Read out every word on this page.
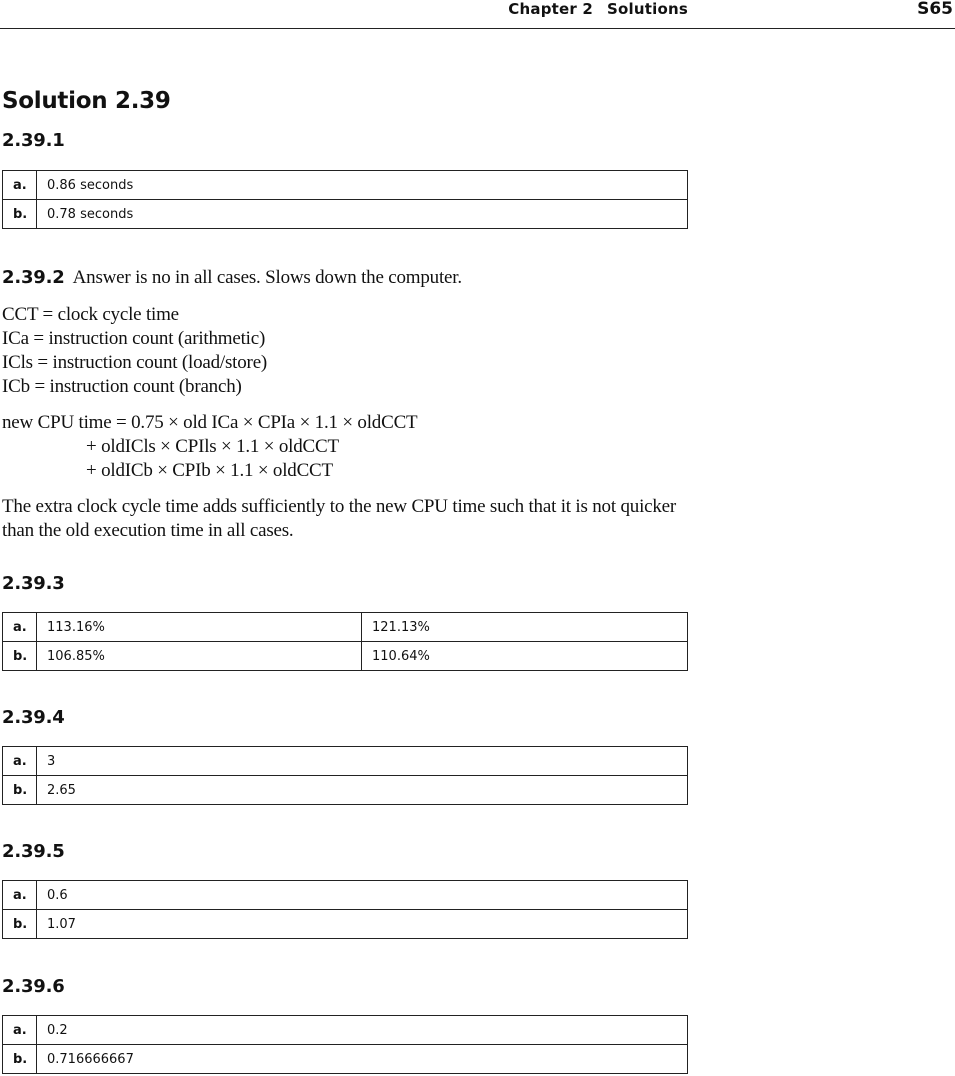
Chapter 2 Solutions	S65
Solution 2.39
2.39.1
a.	0.86 seconds
b.	0.78 seconds
2.39.2 Answer is no in all cases. Slows down the computer.
CCT = clock cycle time
ICa = instruction count (arithmetic)
ICls = instruction count (load/store)
ICb = instruction count (branch)
new CPU time = 0.75 × old ICa × CPIa × 1.1 × oldCCT
+ oldICls × CPIls × 1.1 × oldCCT
+ oldICb × CPIb × 1.1 × oldCCT
The extra clock cycle time adds sufficiently to the new CPU time such that it is not quicker than the old execution time in all cases.
2.39.3
a.	113.16%	121.13%
b.	106.85%	110.64%
2.39.4
a.	3
b.	2.65
2.39.5
a.	0.6
b.	1.07
2.39.6
a.	0.2
b.	0.716666667
